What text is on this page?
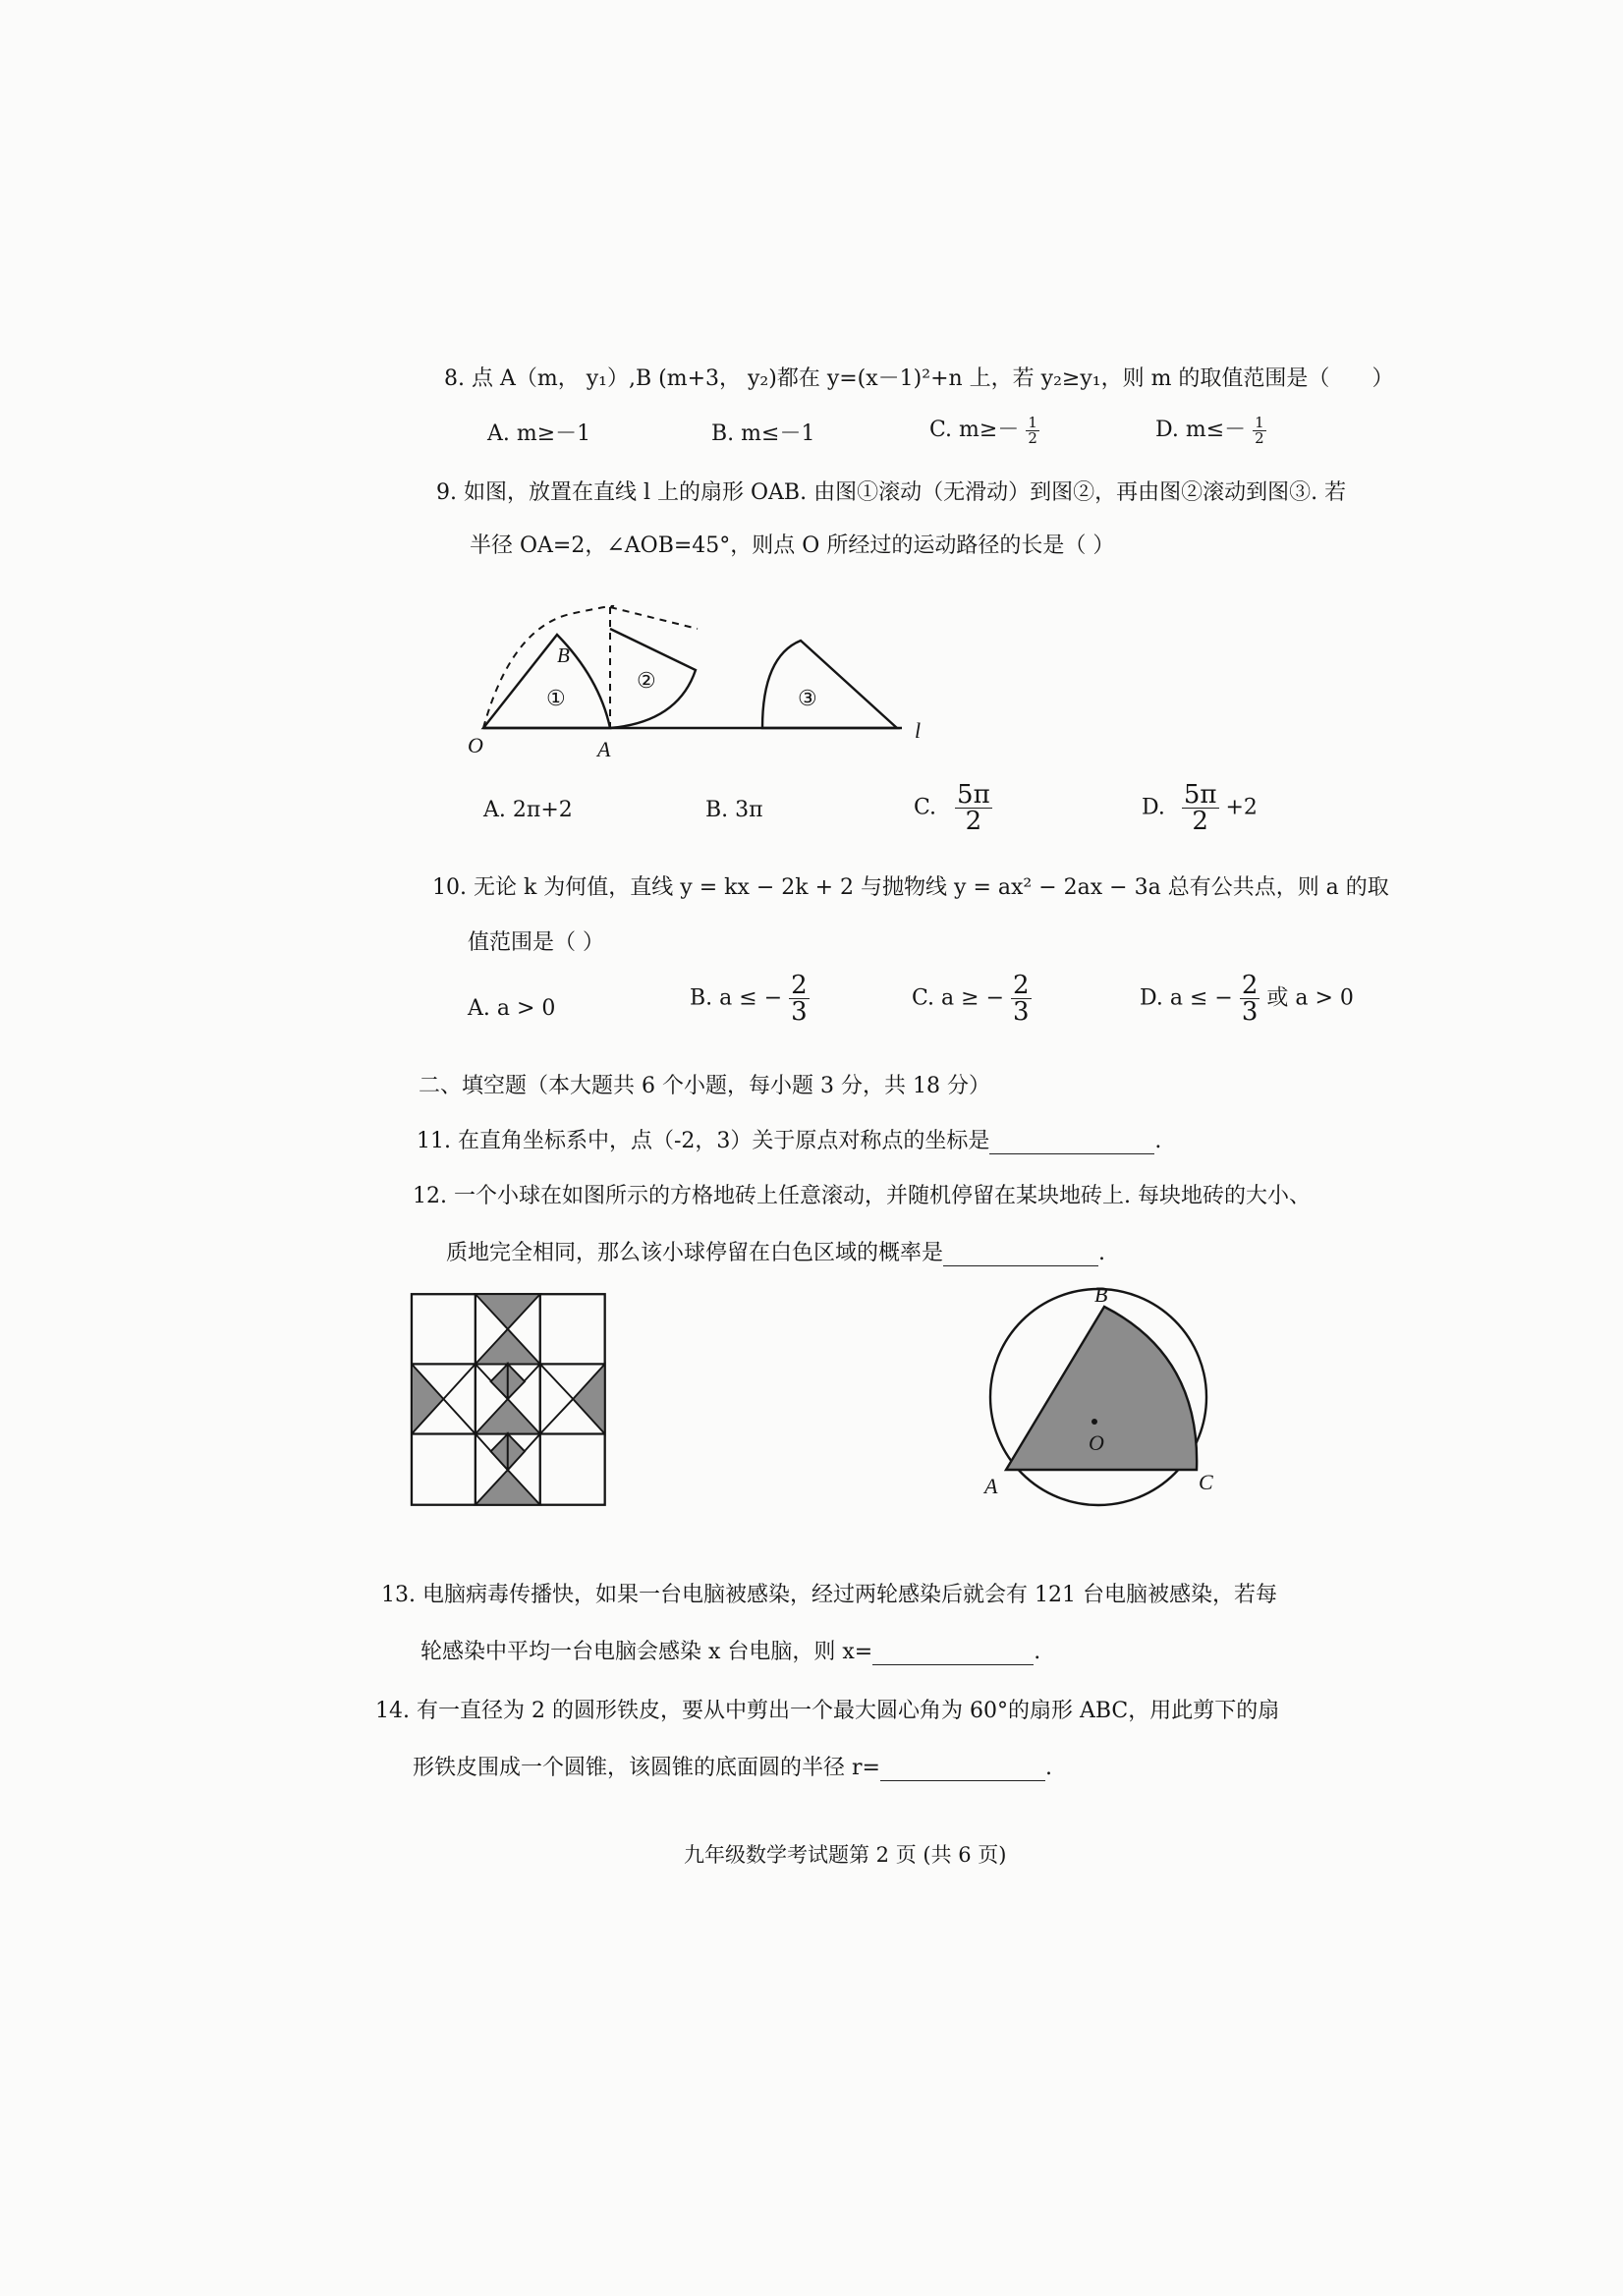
8. 点 A（m， y₁）,B (m+3， y₂)都在 y=(x－1)²+n 上，若 y₂≥y₁，则 m 的取值范围是（ ）
A. m≥－1	B. m≤－1	C. $m\ge- \frac{1}{2}$	D. $m\le- \frac{1}{2}$
9. 如图，放置在直线 l 上的扇形 OAB. 由图①滚动（无滑动）到图②，再由图②滚动到图③. 若
半径 OA=2，∠AOB=45°，则点 O 所经过的运动路径的长是（ ）
O	A
B
l
①
②
③
A. 2π+2	B. 3π	C. $\frac{5\pi}{2}$	D. $\frac{5\pi}{2} +2$
10. 无论 k 为何值，直线 y = kx − 2k + 2 与抛物线 y = ax² − 2ax − 3a 总有公共点，则 a 的取
值范围是（ ）
A. a > 0	B. a ≤ − $\frac{2}{3}$	C. a ≥ − $\frac{2}{3}$	D. a ≤ − $\frac{2}{3}$ 或 a > 0
二、填空题（本大题共 6 个小题，每小题 3 分，共 18 分）
11. 在直角坐标系中，点（-2，3）关于原点对称点的坐标是	.
12. 一个小球在如图所示的方格地砖上任意滚动，并随机停留在某块地砖上. 每块地砖的大小、
质地完全相同，那么该小球停留在白色区域的概率是	.
B
A	C
O
13. 电脑病毒传播快，如果一台电脑被感染，经过两轮感染后就会有 121 台电脑被感染，若每
轮感染中平均一台电脑会感染 x 台电脑，则 x=	.
14. 有一直径为 2 的圆形铁皮，要从中剪出一个最大圆心角为 60°的扇形 ABC，用此剪下的扇
形铁皮围成一个圆锥，该圆锥的底面圆的半径 r=	.
九年级数学考试题第 2 页 (共 6 页)
